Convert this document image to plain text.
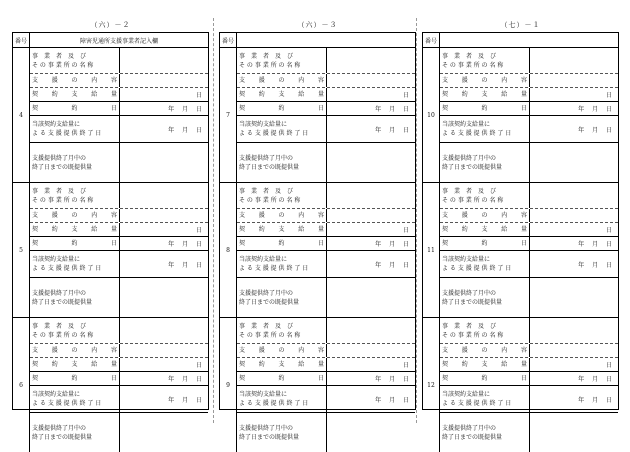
（六）－２
番号	障害児通所支援事業者記入欄
4
事　業　者　及　び
そ の 事 業 所 の 名 称
支　援　の　内　容
契　約　支　給　量	日
契　　　約　　　日	年 月 日
当該契約支給量に
よ る 支 援 提 供 終 了 日	年 月 日
支援提供終了月中の
終了日までの既提供量
5
事　業　者　及　び
そ の 事 業 所 の 名 称
支　援　の　内　容
契　約　支　給　量	日
契　　　約　　　日	年 月 日
当該契約支給量に
よ る 支 援 提 供 終 了 日	年 月 日
支援提供終了月中の
終了日までの既提供量
6
事　業　者　及　び
そ の 事 業 所 の 名 称
支　援　の　内　容
契　約　支　給　量	日
契　　　約　　　日	年 月 日
当該契約支給量に
よ る 支 援 提 供 終 了 日	年 月 日
支援提供終了月中の
終了日までの既提供量
（六）－３
番号
7
事　業　者　及　び
そ の 事 業 所 の 名 称
支　援　の　内　容
契　約　支　給　量	日
契　　　約　　　日	年 月 日
当該契約支給量に
よ る 支 援 提 供 終 了 日	年 月 日
支援提供終了月中の
終了日までの既提供量
8
事　業　者　及　び
そ の 事 業 所 の 名 称
支　援　の　内　容
契　約　支　給　量	日
契　　　約　　　日	年 月 日
当該契約支給量に
よ る 支 援 提 供 終 了 日	年 月 日
支援提供終了月中の
終了日までの既提供量
9
事　業　者　及　び
そ の 事 業 所 の 名 称
支　援　の　内　容
契　約　支　給　量	日
契　　　約　　　日	年 月 日
当該契約支給量に
よ る 支 援 提 供 終 了 日	年 月 日
支援提供終了月中の
終了日までの既提供量
（七）－１
番号
10
事　業　者　及　び
そ の 事 業 所 の 名 称
支　援　の　内　容
契　約　支　給　量	日
契　　　約　　　日	年 月 日
当該契約支給量に
よ る 支 援 提 供 終 了 日	年 月 日
支援提供終了月中の
終了日までの既提供量
11
事　業　者　及　び
そ の 事 業 所 の 名 称
支　援　の　内　容
契　約　支　給　量	日
契　　　約　　　日	年 月 日
当該契約支給量に
よ る 支 援 提 供 終 了 日	年 月 日
支援提供終了月中の
終了日までの既提供量
12
事　業　者　及　び
そ の 事 業 所 の 名 称
支　援　の　内　容
契　約　支　給　量	日
契　　　約　　　日	年 月 日
当該契約支給量に
よ る 支 援 提 供 終 了 日	年 月 日
支援提供終了月中の
終了日までの既提供量
